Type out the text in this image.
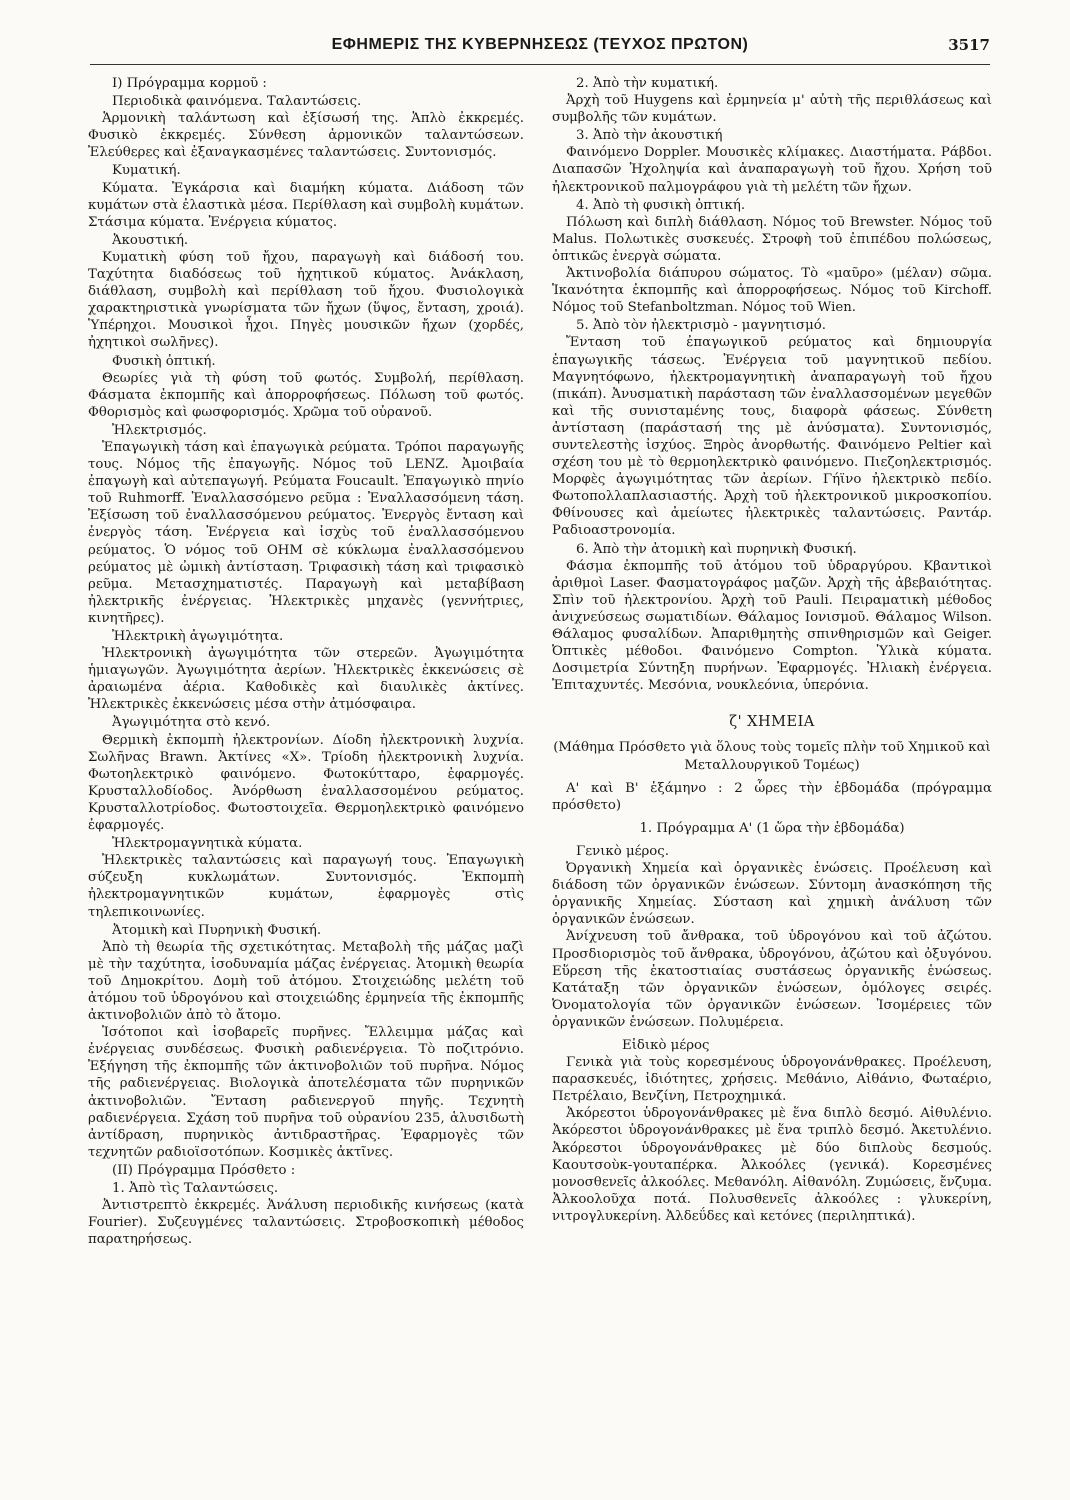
ΕΦΗΜΕΡΙΣ ΤΗΣ ΚΥΒΕΡΝΗΣΕΩΣ (ΤΕΥΧΟΣ ΠΡΩΤΟΝ)	3517

I) Πρόγραμμα κορμοῦ :

Περιοδικὰ φαινόμενα. Ταλαντώσεις.

Ἁρμονικὴ ταλάντωση καὶ ἐξίσωσή της. Ἁπλὸ ἐκκρεμές. Φυσικὸ ἐκκρεμές. Σύνθεση ἁρμονικῶν ταλαντώσεων. Ἐλεύθερες καὶ ἐξαναγκασμένες ταλαντώσεις. Συντονισμός.

Κυματική.

Κύματα. Ἐγκάρσια καὶ διαμήκη κύματα. Διάδοση τῶν κυμάτων στὰ ἐλαστικὰ μέσα. Περίθλαση καὶ συμβολὴ κυμάτων. Στάσιμα κύματα. Ἐνέργεια κύματος.

Ἀκουστική.

Κυματικὴ φύση τοῦ ἤχου, παραγωγὴ καὶ διάδοσή του. Ταχύτητα διαδόσεως τοῦ ἠχητικοῦ κύματος. Ἀνάκλαση, διάθλαση, συμβολὴ καὶ περίθλαση τοῦ ἤχου. Φυσιολογικὰ χαρακτηριστικὰ γνωρίσματα τῶν ἤχων (ὕψος, ἔνταση, χροιά). Ὑπέρηχοι. Μουσικοὶ ἦχοι. Πηγὲς μουσικῶν ἤχων (χορδές, ἠχητικοὶ σωλῆνες).

Φυσικὴ ὀπτική.

Θεωρίες γιὰ τὴ φύση τοῦ φωτός. Συμβολή, περίθλαση. Φάσματα ἐκπομπῆς καὶ ἀπορροφήσεως. Πόλωση τοῦ φωτός. Φθορισμὸς καὶ φωσφορισμός. Χρῶμα τοῦ οὐρανοῦ.

Ἠλεκτρισμός.

Ἐπαγωγικὴ τάση καὶ ἐπαγωγικὰ ρεύματα. Τρόποι παραγωγῆς τους. Νόμος τῆς ἐπαγωγῆς. Νόμος τοῦ LENZ. Ἀμοιβαία ἐπαγωγὴ καὶ αὐτεπαγωγή. Ρεύματα Foucault. Ἐπαγωγικὸ πηνίο τοῦ Ruhmorff. Ἐναλλασσόμενο ρεῦμα : Ἐναλλασσόμενη τάση. Ἐξίσωση τοῦ ἐναλλασσόμενου ρεύματος. Ἐνεργὸς ἔνταση καὶ ἐνεργὸς τάση. Ἐνέργεια καὶ ἰσχὺς τοῦ ἐναλλασσόμενου ρεύματος. Ὁ νόμος τοῦ ΟΗΜ σὲ κύκλωμα ἐναλλασσόμενου ρεύματος μὲ ὠμικὴ ἀντίσταση. Τριφασικὴ τάση καὶ τριφασικὸ ρεῦμα. Μετασχηματιστές. Παραγωγὴ καὶ μεταβίβαση ἠλεκτρικῆς ἐνέργειας. Ἠλεκτρικὲς μηχανὲς (γεννήτριες, κινητῆρες).

Ἠλεκτρικὴ ἀγωγιμότητα.

Ἠλεκτρονικὴ ἀγωγιμότητα τῶν στερεῶν. Ἀγωγιμότητα ἡμιαγωγῶν. Ἀγωγιμότητα ἀερίων. Ἠλεκτρικὲς ἐκκενώσεις σὲ ἀραιωμένα ἀέρια. Καθοδικὲς καὶ διαυλικὲς ἀκτίνες. Ἠλεκτρικὲς ἐκκενώσεις μέσα στὴν ἀτμόσφαιρα.

Ἀγωγιμότητα στὸ κενό.

Θερμικὴ ἐκπομπὴ ἠλεκτρονίων. Δίοδη ἠλεκτρονικὴ λυχνία. Σωλῆνας Brawn. Ἀκτίνες «Χ». Τρίοδη ἠλεκτρονικὴ λυχνία. Φωτοηλεκτρικὸ φαινόμενο. Φωτοκύτταρο, ἐφαρμογές. Κρυσταλλοδίοδος. Ἀνόρθωση ἐναλλασσομένου ρεύματος. Κρυσταλλοτρίοδος. Φωτοστοιχεῖα. Θερμοηλεκτρικὸ φαινόμενο ἐφαρμογές.

Ἠλεκτρομαγνητικὰ κύματα.

Ἠλεκτρικὲς ταλαντώσεις καὶ παραγωγή τους. Ἐπαγωγικὴ σύζευξη κυκλωμάτων. Συντονισμός. Ἐκπομπὴ ἠλεκτρομαγνητικῶν κυμάτων, ἐφαρμογὲς στὶς τηλεπικοινωνίες.

Ἀτομικὴ καὶ Πυρηνικὴ Φυσική.

Ἀπὸ τὴ θεωρία τῆς σχετικότητας. Μεταβολὴ τῆς μάζας μαζὶ μὲ τὴν ταχύτητα, ἰσοδυναμία μάζας ἐνέργειας. Ἀτομικὴ θεωρία τοῦ Δημοκρίτου. Δομὴ τοῦ ἀτόμου. Στοιχειώδης μελέτη τοῦ ἀτόμου τοῦ ὑδρογόνου καὶ στοιχειώδης ἑρμηνεία τῆς ἐκπομπῆς ἀκτινοβολιῶν ἀπὸ τὸ ἄτομο.

Ἰσότοποι καὶ ἰσοβαρεῖς πυρῆνες. Ἔλλειμμα μάζας καὶ ἐνέργειας συνδέσεως. Φυσικὴ ραδιενέργεια. Τὸ ποζιτρόνιο. Ἐξήγηση τῆς ἐκπομπῆς τῶν ἀκτινοβολιῶν τοῦ πυρῆνα. Νόμος τῆς ραδιενέργειας. Βιολογικὰ ἀποτελέσματα τῶν πυρηνικῶν ἀκτινοβολιῶν. Ἔνταση ραδιενεργοῦ πηγῆς. Τεχνητὴ ραδιενέργεια. Σχάση τοῦ πυρῆνα τοῦ οὐρανίου 235, ἁλυσιδωτὴ ἀντίδραση, πυρηνικὸς ἀντιδραστῆρας. Ἐφαρμογὲς τῶν τεχνητῶν ραδιοϊσοτόπων. Κοσμικὲς ἀκτῖνες.

(II) Πρόγραμμα Πρόσθετο :

1. Ἀπὸ τὶς Ταλαντώσεις.

Ἀντιστρεπτὸ ἐκκρεμές. Ἀνάλυση περιοδικῆς κινήσεως (κατὰ Fourier). Συζευγμένες ταλαντώσεις. Στροβοσκοπικὴ μέθοδος παρατηρήσεως.

2. Ἀπὸ τὴν κυματική.

Ἀρχὴ τοῦ Huygens καὶ ἑρμηνεία μ' αὐτὴ τῆς περιθλάσεως καὶ συμβολῆς τῶν κυμάτων.

3. Ἀπὸ τὴν ἀκουστική

Φαινόμενο Doppler. Μουσικὲς κλίμακες. Διαστήματα. Ράβδοι. Διαπασῶν Ἠχοληψία καὶ ἀναπαραγωγὴ τοῦ ἤχου. Χρήση τοῦ ἠλεκτρονικοῦ παλμογράφου γιὰ τὴ μελέτη τῶν ἤχων.

4. Ἀπὸ τὴ φυσικὴ ὀπτική.

Πόλωση καὶ διπλὴ διάθλαση. Νόμος τοῦ Brewster. Νόμος τοῦ Malus. Πολωτικὲς συσκευές. Στροφὴ τοῦ ἐπιπέδου πολώσεως, ὀπτικῶς ἐνεργὰ σώματα.

Ἀκτινοβολία διάπυρου σώματος. Τὸ «μαῦρο» (μέλαν) σῶμα. Ἱκανότητα ἐκπομπῆς καὶ ἀπορροφήσεως. Νόμος τοῦ Kirchoff. Νόμος τοῦ Stefanboltzman. Νόμος τοῦ Wien.

5. Ἀπὸ τὸν ἠλεκτρισμὸ - μαγνητισμό.

Ἔνταση τοῦ ἐπαγωγικοῦ ρεύματος καὶ δημιουργία ἐπαγωγικῆς τάσεως. Ἐνέργεια τοῦ μαγνητικοῦ πεδίου. Μαγνητόφωνο, ἠλεκτρομαγνητικὴ ἀναπαραγωγὴ τοῦ ἤχου (πικάπ). Ἀνυσματικὴ παράσταση τῶν ἐναλλασσομένων μεγεθῶν καὶ τῆς συνισταμένης τους, διαφορὰ φάσεως. Σύνθετη ἀντίσταση (παράστασή της μὲ ἀνύσματα). Συντονισμός, συντελεστὴς ἰσχύος. Ξηρὸς ἀνορθωτής. Φαινόμενο Peltier καὶ σχέση του μὲ τὸ θερμοηλεκτρικὸ φαινόμενο. Πιεζοηλεκτρισμός. Μορφὲς ἀγωγιμότητας τῶν ἀερίων. Γήϊνο ἠλεκτρικὸ πεδίο. Φωτοπολλαπλασιαστής. Ἀρχὴ τοῦ ἠλεκτρονικοῦ μικροσκοπίου. Φθίνουσες καὶ ἀμείωτες ἠλεκτρικὲς ταλαντώσεις. Ραντάρ. Ραδιοαστρονομία.

6. Ἀπὸ τὴν ἀτομικὴ καὶ πυρηνικὴ Φυσική.

Φάσμα ἐκπομπῆς τοῦ ἀτόμου τοῦ ὑδραργύρου. Κβαντικοὶ ἀριθμοὶ Laser. Φασματογράφος μαζῶν. Ἀρχὴ τῆς ἀβεβαιότητας. Σπὶν τοῦ ἠλεκτρονίου. Ἀρχὴ τοῦ Pauli. Πειραματικὴ μέθοδος ἀνιχνεύσεως σωματιδίων. Θάλαμος Ιονισμοῦ. Θάλαμος Wilson. Θάλαμος φυσαλίδων. Ἀπαριθμητὴς σπινθηρισμῶν καὶ Geiger. Ὀπτικὲς μέθοδοι. Φαινόμενο Compton. Ὑλικὰ κύματα. Δοσιμετρία Σύντηξη πυρήνων. Ἐφαρμογές. Ἡλιακὴ ἐνέργεια. Ἐπιταχυντές. Μεσόνια, νουκλεόνια, ὑπερόνια.

ζ' ΧΗΜΕΙΑ

(Μάθημα Πρόσθετο γιὰ ὅλους τοὺς τομεῖς πλὴν τοῦ Χημικοῦ καὶ Μεταλλουργικοῦ Τομέως)

Α' καὶ Β' ἑξάμηνο : 2 ὧρες τὴν ἑβδομάδα (πρόγραμμα πρόσθετο)

1. Πρόγραμμα Α' (1 ὥρα τὴν ἑβδομάδα)

Γενικὸ μέρος.

Ὀργανικὴ Χημεία καὶ ὀργανικὲς ἑνώσεις. Προέλευση καὶ διάδοση τῶν ὀργανικῶν ἑνώσεων. Σύντομη ἀνασκόπηση τῆς ὀργανικῆς Χημείας. Σύσταση καὶ χημικὴ ἀνάλυση τῶν ὀργανικῶν ἑνώσεων.

Ἀνίχνευση τοῦ ἄνθρακα, τοῦ ὑδρογόνου καὶ τοῦ ἀζώτου. Προσδιορισμὸς τοῦ ἄνθρακα, ὑδρογόνου, ἀζώτου καὶ ὀξυγόνου. Εὕρεση τῆς ἑκατοστιαίας συστάσεως ὀργανικῆς ἑνώσεως. Κατάταξη τῶν ὀργανικῶν ἑνώσεων, ὁμόλογες σειρές. Ὀνοματολογία τῶν ὀργανικῶν ἑνώσεων. Ἰσομέρειες τῶν ὀργανικῶν ἑνώσεων. Πολυμέρεια.

Εἰδικὸ μέρος

Γενικὰ γιὰ τοὺς κορεσμένους ὑδρογονάνθρακες. Προέλευση, παρασκευές, ἰδιότητες, χρήσεις. Μεθάνιο, Αἰθάνιο, Φωταέριο, Πετρέλαιο, Βενζίνη, Πετροχημικά.

Ἀκόρεστοι ὑδρογονάνθρακες μὲ ἕνα διπλὸ δεσμό. Αἰθυλένιο. Ἀκόρεστοι ὑδρογονάνθρακες μὲ ἕνα τριπλὸ δεσμό. Ἀκετυλένιο. Ἀκόρεστοι ὑδρογονάνθρακες μὲ δύο διπλοὺς δεσμούς. Καουτσοὺκ-γουταπέρκα. Ἀλκοόλες (γενικά). Κορεσμένες μονοσθενεῖς ἀλκοόλες. Μεθανόλη. Αἰθανόλη. Ζυμώσεις, ἔνζυμα. Ἀλκοολοῦχα ποτά. Πολυσθενεῖς ἀλκοόλες : γλυκερίνη, νιτρογλυκερίνη. Ἀλδεΰδες καὶ κετόνες (περιληπτικά).
